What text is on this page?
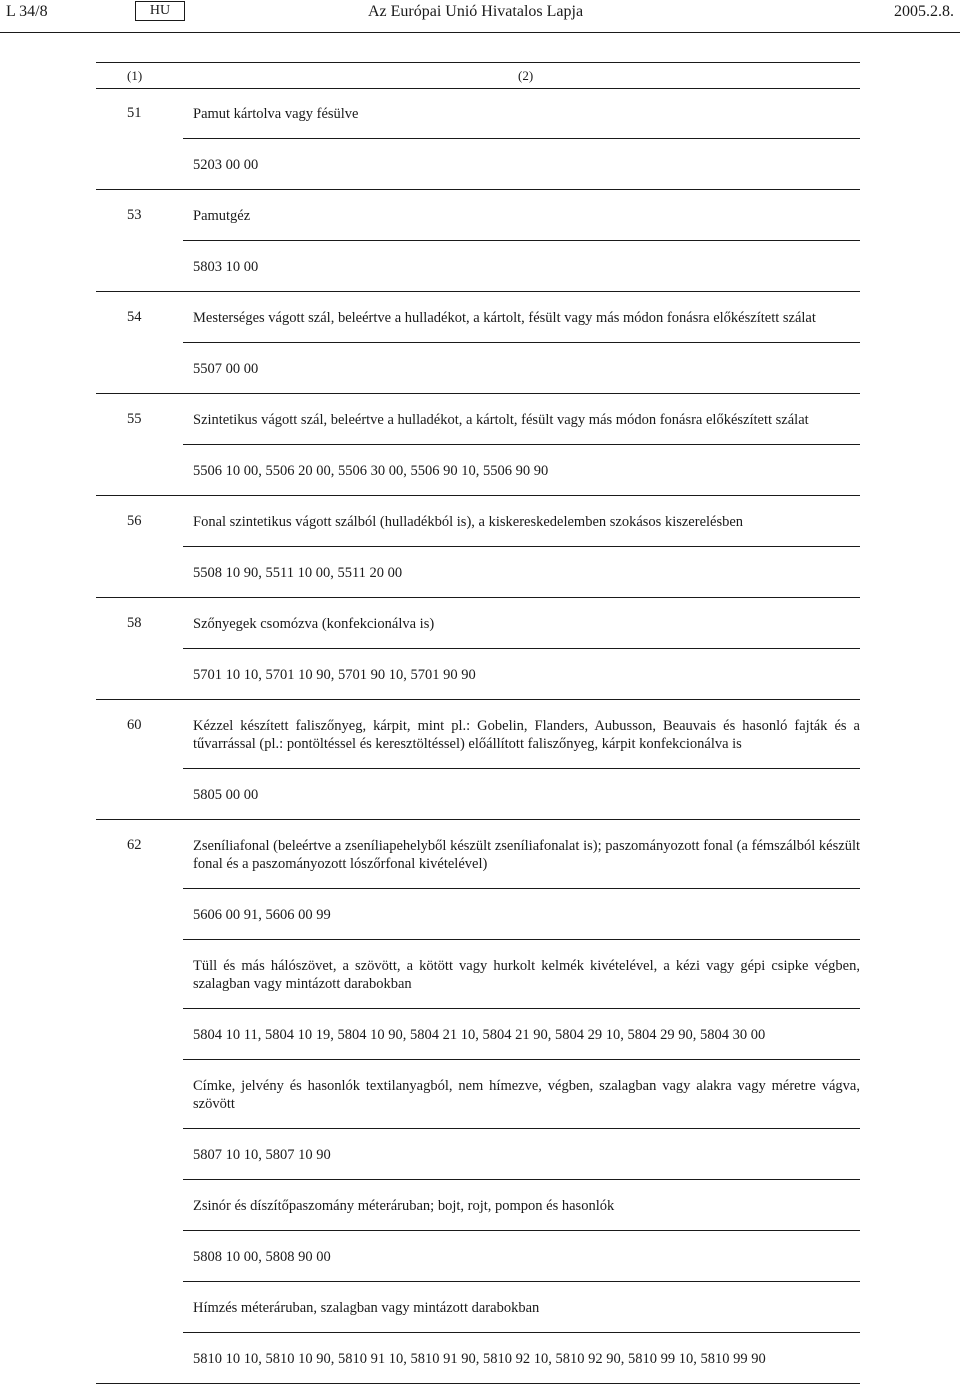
L 34/8	HU	Az Európai Unió Hivatalos Lapja	2005.2.8.
(1)	(2)
51	Pamut kártolva vagy fésülve
5203 00 00
53	Pamutgéz
5803 10 00
54	Mesterséges vágott szál, beleértve a hulladékot, a kártolt, fésült vagy más módon fonásra előkészített szálat
5507 00 00
55	Szintetikus vágott szál, beleértve a hulladékot, a kártolt, fésült vagy más módon fonásra előkészített szálat
5506 10 00, 5506 20 00, 5506 30 00, 5506 90 10, 5506 90 90
56	Fonal szintetikus vágott szálból (hulladékból is), a kiskereskedelemben szokásos kiszerelésben
5508 10 90, 5511 10 00, 5511 20 00
58	Szőnyegek csomózva (konfekcionálva is)
5701 10 10, 5701 10 90, 5701 90 10, 5701 90 90
60	Kézzel készített faliszőnyeg, kárpit, mint pl.: Gobelin, Flanders, Aubusson, Beauvais és hasonló fajták és a tűvarrással (pl.: pontöltéssel és keresztöltéssel) előállított faliszőnyeg, kárpit konfekcionálva is
5805 00 00
62	Zseníliafonal (beleértve a zseníliapehelyből készült zseníliafonalat is); paszományozott fonal (a fémszálból készült fonal és a paszományozott lószőrfonal kivételével)
5606 00 91, 5606 00 99
Tüll és más hálószövet, a szövött, a kötött vagy hurkolt kelmék kivételével, a kézi vagy gépi csipke végben, szalagban vagy mintázott darabokban
5804 10 11, 5804 10 19, 5804 10 90, 5804 21 10, 5804 21 90, 5804 29 10, 5804 29 90, 5804 30 00
Címke, jelvény és hasonlók textilanyagból, nem hímezve, végben, szalagban vagy alakra vagy méretre vágva, szövött
5807 10 10, 5807 10 90
Zsinór és díszítőpaszomány méteráruban; bojt, rojt, pompon és hasonlók
5808 10 00, 5808 90 00
Hímzés méteráruban, szalagban vagy mintázott darabokban
5810 10 10, 5810 10 90, 5810 91 10, 5810 91 90, 5810 92 10, 5810 92 90, 5810 99 10, 5810 99 90
